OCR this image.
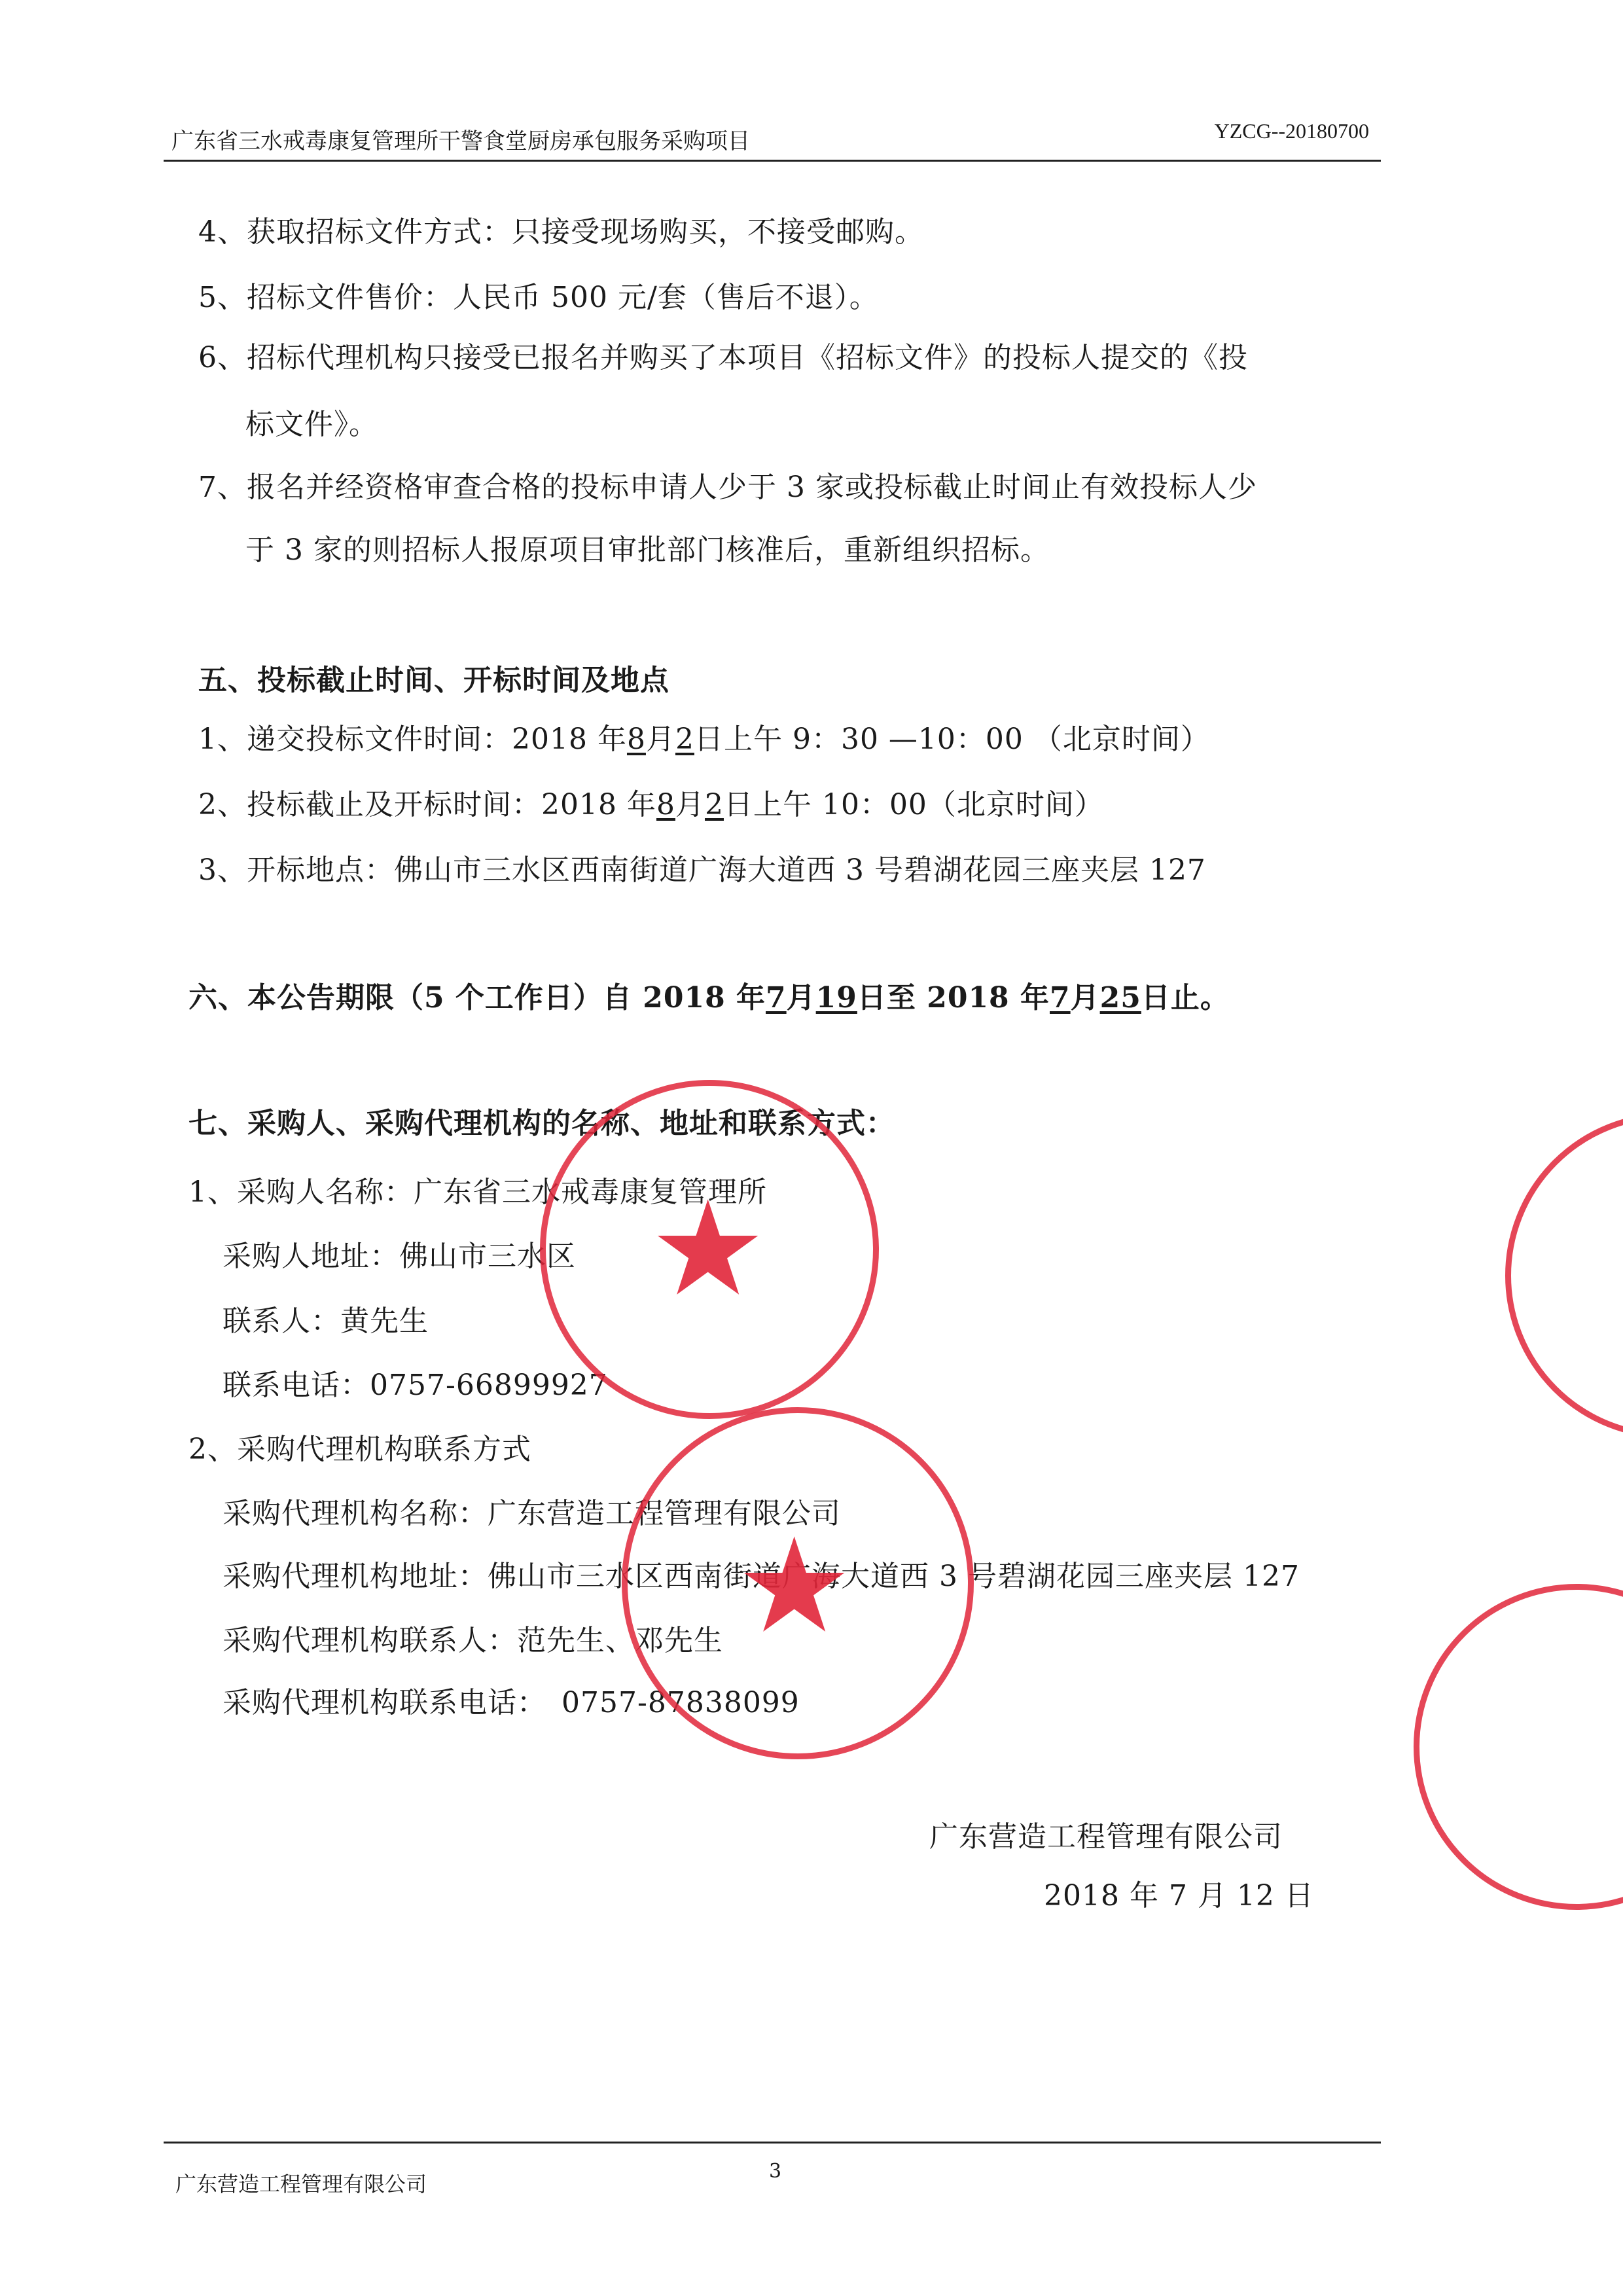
广东省三水戒毒康复管理所干警食堂厨房承包服务采购项目	YZCG--20180700
4、获取招标文件方式：只接受现场购买，不接受邮购。
5、招标文件售价：人民币 500 元/套（售后不退）。
6、招标代理机构只接受已报名并购买了本项目《招标文件》的投标人提交的《投
标文件》。
7、报名并经资格审查合格的投标申请人少于 3 家或投标截止时间止有效投标人少
于 3 家的则招标人报原项目审批部门核准后，重新组织招标。
五、投标截止时间、开标时间及地点
1、递交投标文件时间：2018 年8月2日上午 9：30 —10：00 （北京时间）
2、投标截止及开标时间：2018 年8月2日上午 10：00（北京时间）
3、开标地点：佛山市三水区西南街道广海大道西 3 号碧湖花园三座夹层 127
六、本公告期限（5 个工作日）自 2018 年7月19日至 2018 年7月25日止。
七、采购人、采购代理机构的名称、地址和联系方式：
1、采购人名称：广东省三水戒毒康复管理所
采购人地址：佛山市三水区
联系人：黄先生
联系电话：0757-66899927
2、采购代理机构联系方式
采购代理机构名称：广东营造工程管理有限公司
采购代理机构地址：佛山市三水区西南街道广海大道西 3 号碧湖花园三座夹层 127
采购代理机构联系人：范先生、邓先生
采购代理机构联系电话：　0757-87838099
广东营造工程管理有限公司
2018 年 7 月 12 日
★
★
广东营造工程管理有限公司
3
